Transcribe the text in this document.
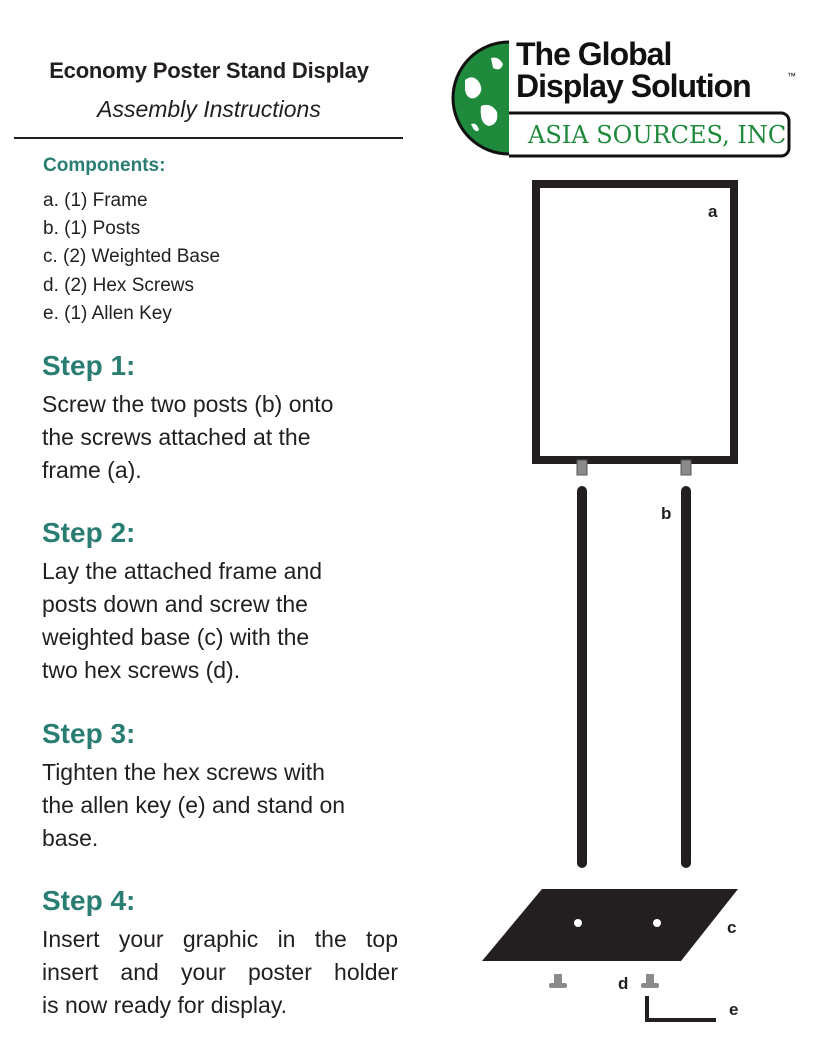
Economy Poster Stand Display
Assembly Instructions
Components:
a. (1) Frame
b. (1) Posts
c. (2) Weighted Base
d. (2) Hex Screws
e. (1) Allen Key
Step 1:
Screw the two posts (b) onto
the screws attached at the
frame (a).
Step 2:
Lay the attached frame and
posts down and screw the
weighted base (c) with the
two hex screws (d).
Step 3:
Tighten the hex screws with
the allen key (e) and stand on
base.
Step 4:
Insert your graphic in the top
insert and your poster holder
is now ready for display.
The Global
Display Solution	™
ASIA SOURCES, INC
a
b
c
d
e
